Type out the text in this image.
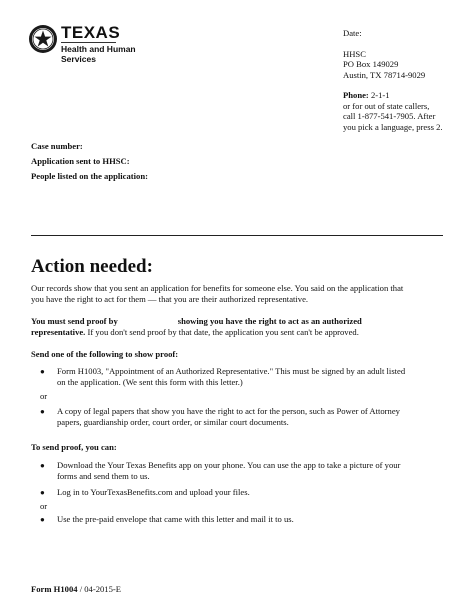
TEXAS
Health and Human
Services
Date:
HHSC
PO Box 149029
Austin, TX 78714-9029
Phone: 2-1-1
or for out of state callers,
call 1-877-541-7905. After
you pick a language, press 2.
Case number:
Application sent to HHSC:
People listed on the application:
Action needed:
Our records show that you sent an application for benefits for someone else. You said on the application that
you have the right to act for them — that you are their authorized representative.
You must send proof by	showing you have the right to act as an authorized
representative. If you don't send proof by that date, the application you sent can't be approved.
Send one of the following to show proof:
● Form H1003, "Appointment of an Authorized Representative." This must be signed by an adult listed
on the application. (We sent this form with this letter.)
or
● A copy of legal papers that show you have the right to act for the person, such as Power of Attorney
papers, guardianship order, court order, or similar court documents.
To send proof, you can:
● Download the Your Texas Benefits app on your phone. You can use the app to take a picture of your
forms and send them to us.
● Log in to YourTexasBenefits.com and upload your files.
or
● Use the pre-paid envelope that came with this letter and mail it to us.
Form H1004 / 04-2015-E
